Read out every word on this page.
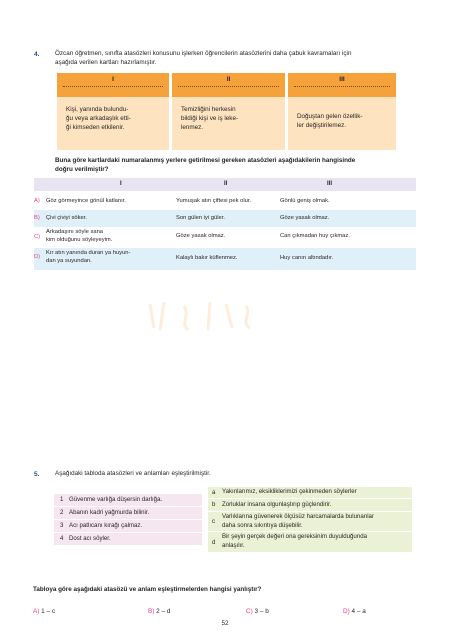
4. Özcan öğretmen, sınıfta atasözleri konusunu işlerken öğrencilerin atasözlerini daha çabuk kavramaları için
aşağıda verilen kartları hazırlamıştır.
I
Kişi, yanında bulundu-
ğu veya arkadaşlık etti-
ği kimseden etkilenir.
II
Temizliğini herkesin
bildiği kişi ve iş leke-
lenmez.
III
Doğuştan gelen özellik-
ler değiştirilemez.
Buna göre kartlardaki numaralanmış yerlere getirilmesi gereken atasözleri aşağıdakilerin hangisinde
doğru verilmiştir?
I	II	III
A) Göz görmeyince gönül katlanır.	Yumuşak atın çiftesi pek olur.	Gönlü geniş olmak.
B) Çivi çiviyi söker.	Son gülen iyi güler.	Göze yasak olmaz.
C)
Arkadaşını söyle sana
kim olduğunu söyleyeyim.
Göze yasak olmaz.	Can çıkmadan huy çıkmaz.
D)
Kır atın yanında duran ya huyun-
dan ya suyundan.	Kalaylı bakır küflenmez.	Huy canın altındadır.
5. Aşağıdaki tabloda atasözleri ve anlamları eşleştirilmiştir.
1 Güvenme varlığa düşersin darlığa.
2 Abanın kadri yağmurda bilinir.
3 Acı patlıcanı kırağı çalmaz.
4 Dost acı söyler.
a Yakınlarımız, eksikliklerimizi çekinmeden söylerler
b Zorluklar insana olgunlaştırıp güçlendirir.
c
Varlıklarına güvenerek ölçüsüz harcamalarda bulunanlar
daha sonra sıkıntıya düşebilir.
d
Bir şeyin gerçek değeri ona gereksinim duyulduğunda
anlaşılır.
Tabloya göre aşağıdaki atasözü ve anlam eşleştirmelerden hangisi yanlıştır?
A) 1 – c	B) 2 – d	C) 3 – b	D) 4 – a
52
